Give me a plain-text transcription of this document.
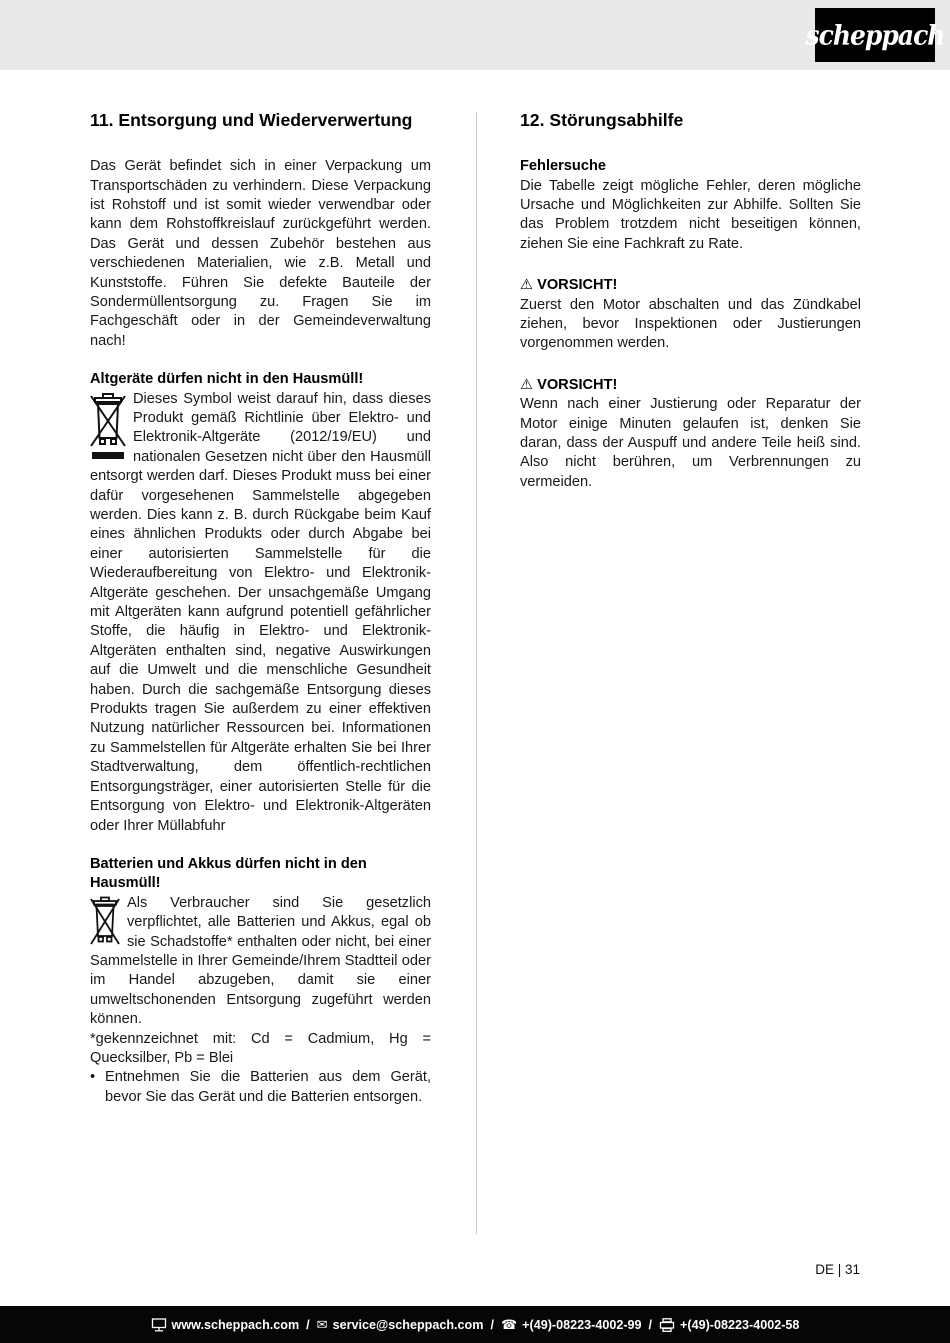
scheppach
11. Entsorgung und Wiederverwertung

Das Gerät befindet sich in einer Verpackung um Transportschäden zu verhindern. Diese Verpackung ist Rohstoff und ist somit wieder verwendbar oder kann dem Rohstoffkreislauf zurückgeführt werden. Das Gerät und dessen Zubehör bestehen aus verschiedenen Materialien, wie z.B. Metall und Kunststoffe. Führen Sie defekte Bauteile der Sondermüllentsorgung zu. Fragen Sie im Fachgeschäft oder in der Gemeindeverwaltung nach!

Altgeräte dürfen nicht in den Hausmüll!

Dieses Symbol weist darauf hin, dass dieses Produkt gemäß Richtlinie über Elektro- und Elektronik-Altgeräte (2012/19/EU) und nationalen Gesetzen nicht über den Hausmüll entsorgt werden darf. Dieses Produkt muss bei einer dafür vorgesehenen Sammelstelle abgegeben werden. Dies kann z. B. durch Rückgabe beim Kauf eines ähnlichen Produkts oder durch Abgabe bei einer autorisierten Sammelstelle für die Wiederaufbereitung von Elektro- und Elektronik- Altgeräte geschehen. Der unsachgemäße Umgang mit Altgeräten kann aufgrund potentiell gefährlicher Stoffe, die häufig in Elektro- und Elektronik-Altgeräten enthalten sind, negative Auswirkungen auf die Umwelt und die menschliche Gesundheit haben. Durch die sachgemäße Entsorgung dieses Produkts tragen Sie außerdem zu einer effektiven Nutzung natürlicher Ressourcen bei. Informationen zu Sammelstellen für Altgeräte erhalten Sie bei Ihrer Stadtverwaltung, dem öffentlich-rechtlichen Entsorgungsträger, einer autorisierten Stelle für die Entsorgung von Elektro- und Elektronik-Altgeräten oder Ihrer Müllabfuhr

Batterien und Akkus dürfen nicht in den Hausmüll!

Als Verbraucher sind Sie gesetzlich verpflichtet, alle Batterien und Akkus, egal ob sie Schadstoffe* enthalten oder nicht, bei einer Sammelstelle in Ihrer Gemeinde/Ihrem Stadtteil oder im Handel abzugeben, damit sie einer umweltschonenden Entsorgung zugeführt werden können.

*gekennzeichnet mit: Cd = Cadmium, Hg = Quecksilber, Pb = Blei

• Entnehmen Sie die Batterien aus dem Gerät, bevor Sie das Gerät und die Batterien entsorgen.
12. Störungsabhilfe

Fehlersuche

Die Tabelle zeigt mögliche Fehler, deren mögliche Ursache und Möglichkeiten zur Abhilfe. Sollten Sie das Problem trotzdem nicht beseitigen können, ziehen Sie eine Fachkraft zu Rate.

⚠ VORSICHT!

Zuerst den Motor abschalten und das Zündkabel ziehen, bevor Inspektionen oder Justierungen vorgenommen werden.

⚠ VORSICHT!

Wenn nach einer Justierung oder Reparatur der Motor einige Minuten gelaufen ist, denken Sie daran, dass der Auspuff und andere Teile heiß sind. Also nicht berühren, um Verbrennungen zu vermeiden.

DE | 31
www.scheppach.com / ✉ service@scheppach.com / ☎ +(49)-08223-4002-99 / +(49)-08223-4002-58
